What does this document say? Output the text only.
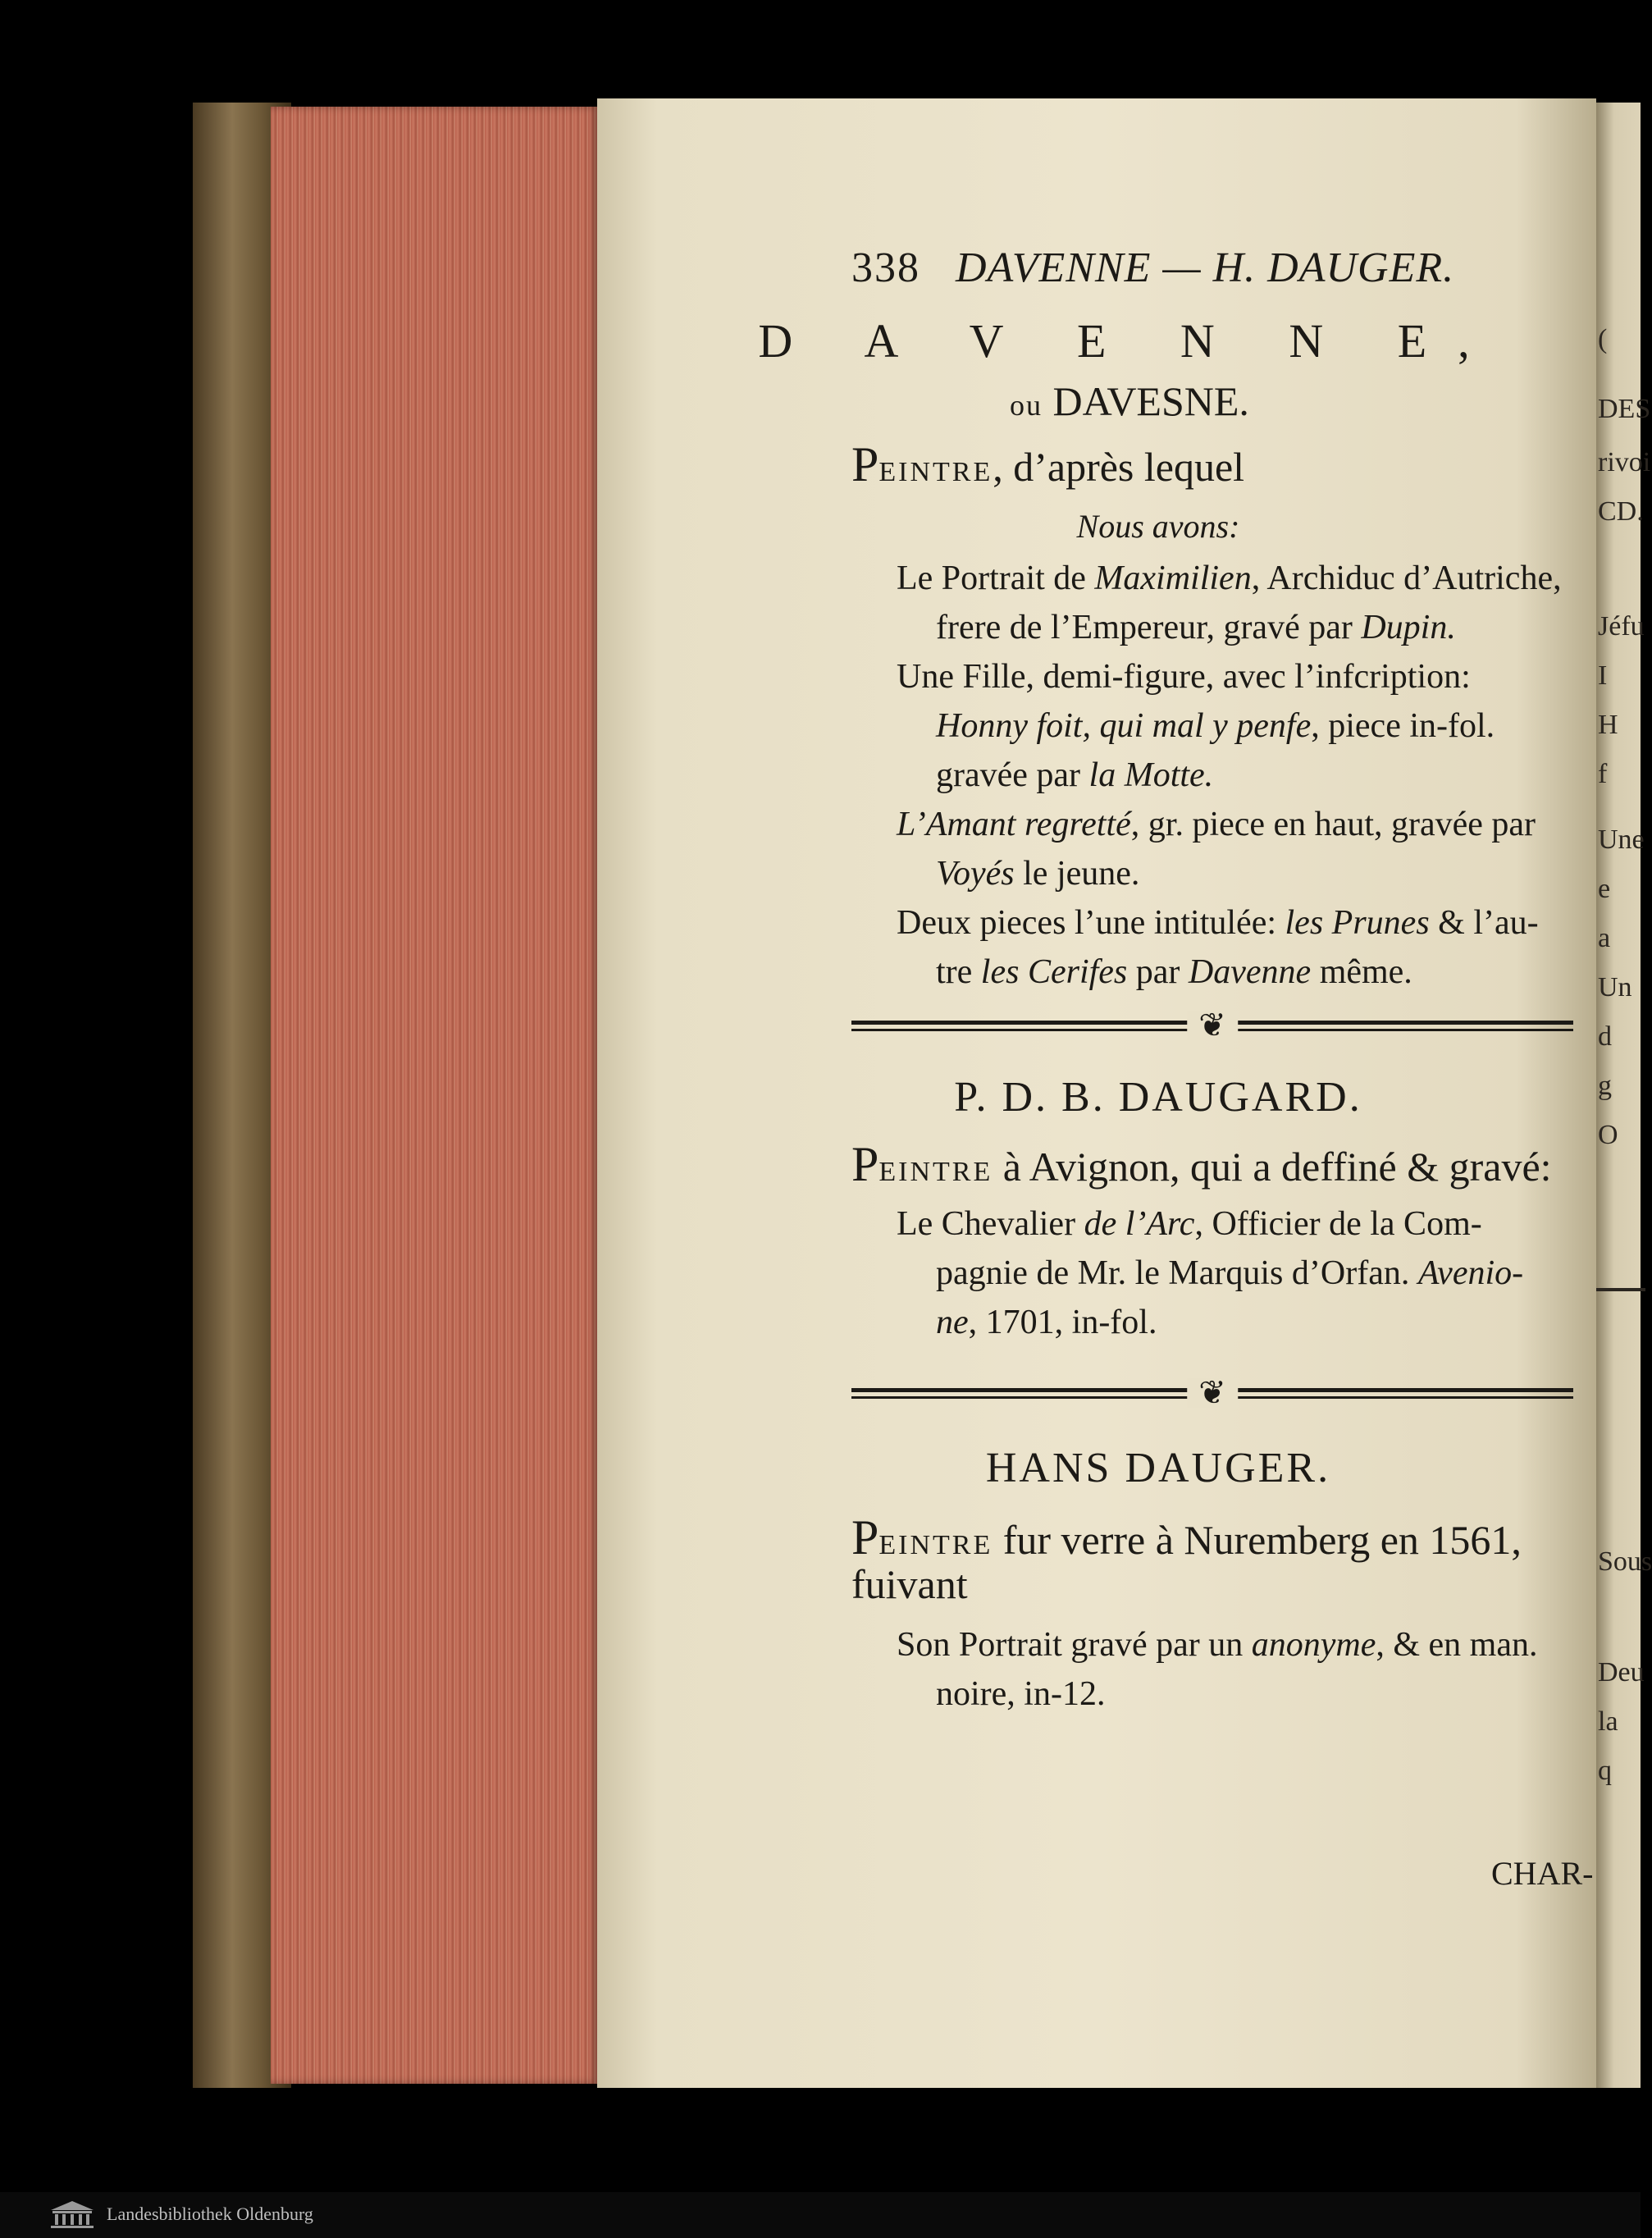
338 DAVENNE — H. DAUGER.
D A V E N N E,
ou DAVESNE.
PEINTRE, d’après lequel
Nous avons:
Le Portrait de Maximilien, Archiduc d’Autriche,
frere de l’Empereur, gravé par Dupin.
Une Fille, demi-figure, avec l’infcription:
Honny foit, qui mal y penfe, piece in-fol.
gravée par la Motte.
L’Amant regretté, gr. piece en haut, gravée par
Voyés le jeune.
Deux pieces l’une intitulée: les Prunes & l’au-
tre les Cerifes par Davenne même.
❦
P. D. B. DAUGARD.
PEINTRE à Avignon, qui a deffiné & gravé:
Le Chevalier de l’Arc, Officier de la Com-
pagnie de Mr. le Marquis d’Orfan. Avenio-
ne, 1701, in-fol.
❦
HANS DAUGER.
PEINTRE fur verre à Nuremberg en 1561,
fuivant
Son Portrait gravé par un anonyme, & en man.
noire, in-12.
CHAR-
(
DES
rivoi
CD.
Jéfu
I
H
f
Une
e
a
Un
d
g
O
Sous
Deu
la
q
Landesbibliothek Oldenburg
